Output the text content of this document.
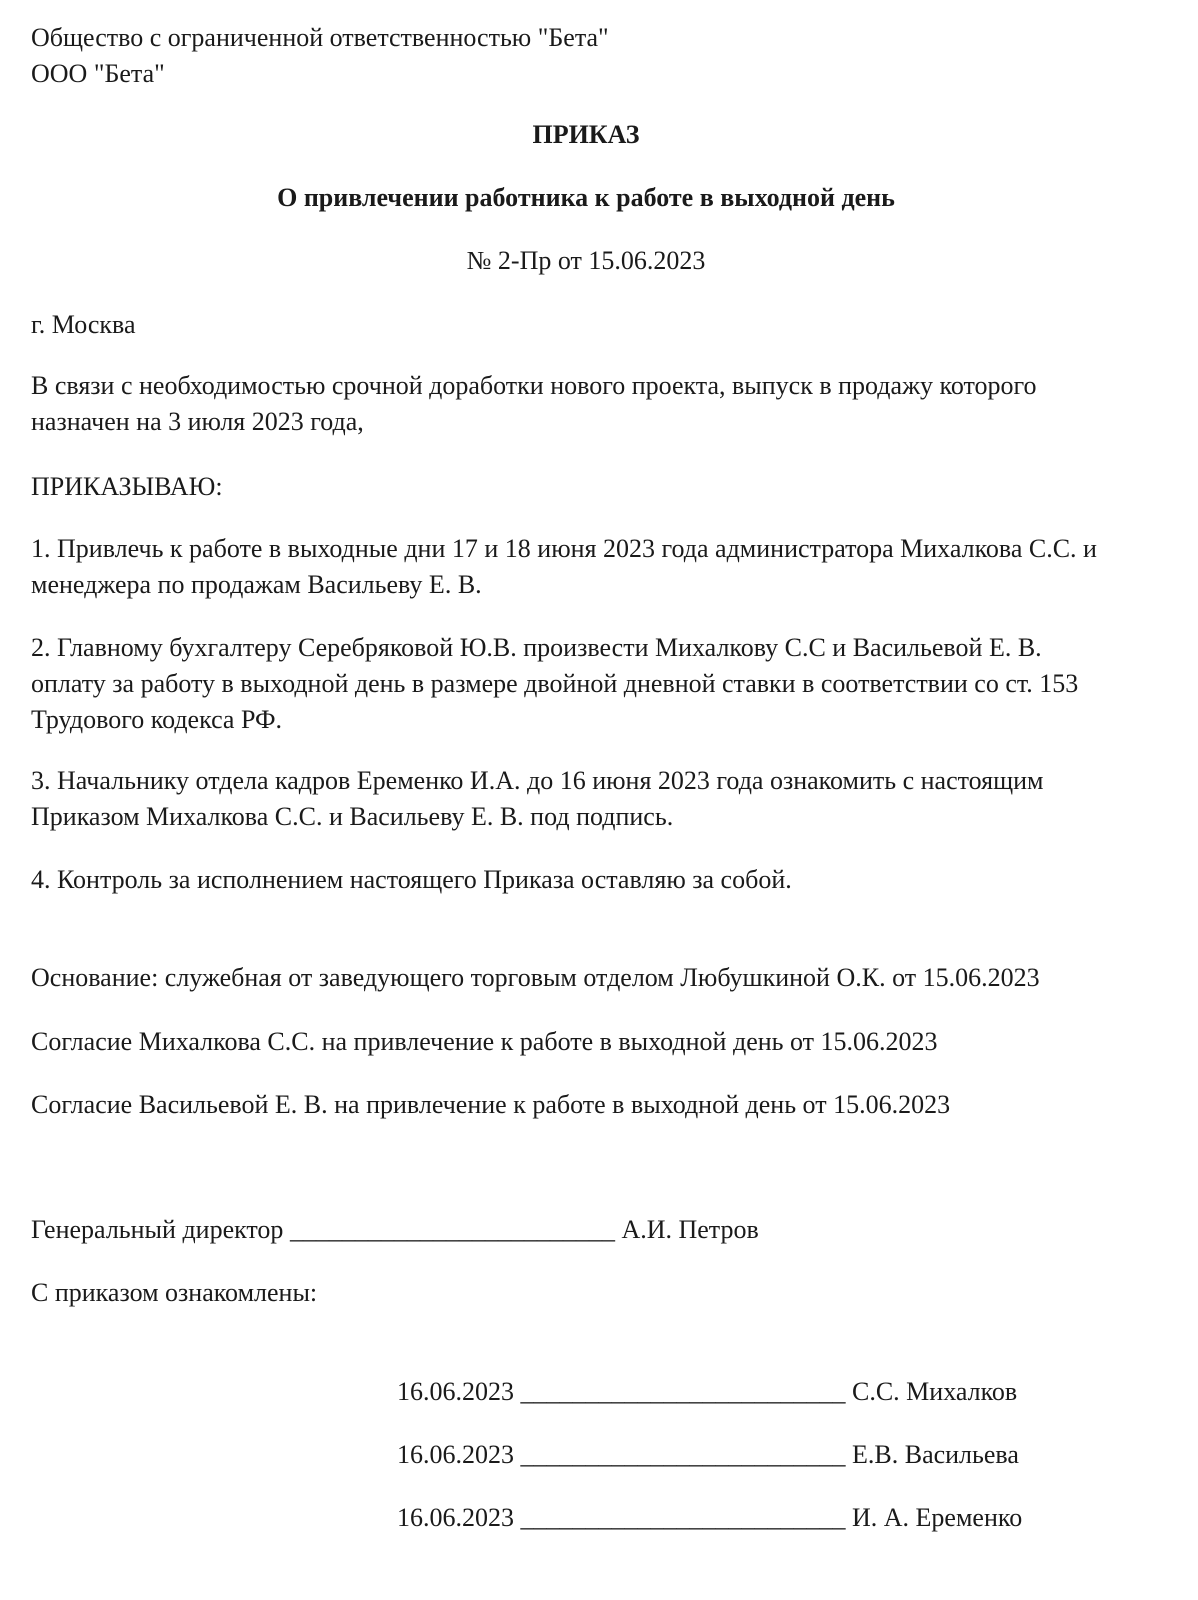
Общество с ограниченной ответственностью "Бета"
ООО "Бета"
ПРИКАЗ
О привлечении работника к работе в выходной день
№ 2-Пр от 15.06.2023
г. Москва
В связи с необходимостью срочной доработки нового проекта, выпуск в продажу которого
назначен на 3 июля 2023 года,
ПРИКАЗЫВАЮ:
1. Привлечь к работе в выходные дни 17 и 18 июня 2023 года администратора Михалкова С.С. и
менеджера по продажам Васильеву Е. В.
2. Главному бухгалтеру Серебряковой Ю.В. произвести Михалкову С.С и Васильевой Е. В.
оплату за работу в выходной день в размере двойной дневной ставки в соответствии со ст. 153
Трудового кодекса РФ.
3. Начальнику отдела кадров Еременко И.А. до 16 июня 2023 года ознакомить с настоящим
Приказом Михалкова С.С. и Васильеву Е. В. под подпись.
4. Контроль за исполнением настоящего Приказа оставляю за собой.
Основание: служебная от заведующего торговым отделом Любушкиной О.К. от 15.06.2023
Согласие Михалкова С.С. на привлечение к работе в выходной день от 15.06.2023
Согласие Васильевой Е. В. на привлечение к работе в выходной день от 15.06.2023
Генеральный директор _________________________ А.И. Петров
С приказом ознакомлены:
16.06.2023 _________________________ С.С. Михалков
16.06.2023 _________________________ Е.В. Васильева
16.06.2023 _________________________ И. А. Еременко
